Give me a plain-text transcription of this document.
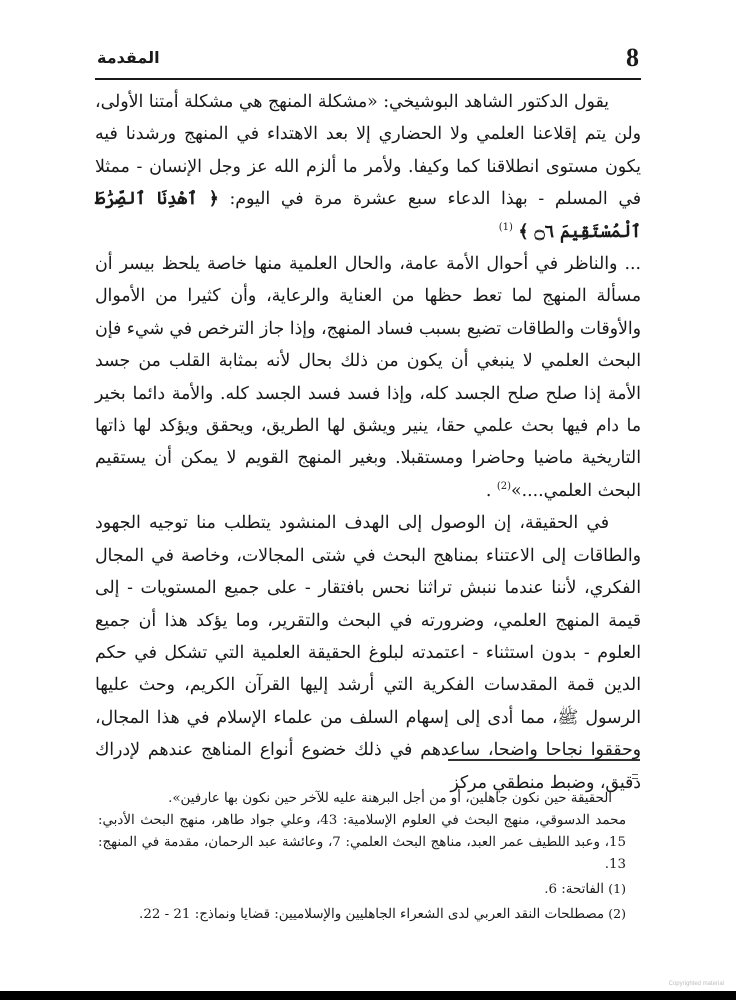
8
المقدمة

يقول الدكتور الشاهد البوشيخي: «مشكلة المنهج هي مشكلة أمتنا الأولى، ولن يتم إقلاعنا العلمي ولا الحضاري إلا بعد الاهتداء في المنهج ورشدنا فيه يكون مستوى انطلاقنا كما وكيفا. ولأمر ما ألزم الله عز وجل الإنسان - ممثلا في المسلم - بهذا الدعاء سبع عشرة مرة في اليوم: ﴿ ٱهْدِنَا ٱلصِّرَٰطَ ٱلْمُسْتَقِيمَ ۝٦ ﴾ $^{(1)}$

... والناظر في أحوال الأمة عامة، والحال العلمية منها خاصة يلحظ بيسر أن مسألة المنهج لما تعط حظها من العناية والرعاية، وأن كثيرا من الأموال والأوقات والطاقات تضيع بسبب فساد المنهج، وإذا جاز الترخص في شيء فإن البحث العلمي لا ينبغي أن يكون من ذلك بحال لأنه بمثابة القلب من جسد الأمة إذا صلح صلح الجسد كله، وإذا فسد فسد الجسد كله. والأمة دائما بخير ما دام فيها بحث علمي حقا، ينير ويشق لها الطريق، ويحقق ويؤكد لها ذاتها التاريخية ماضيا وحاضرا ومستقبلا. وبغير المنهج القويم لا يمكن أن يستقيم البحث العلمي....»$^{(2)}$ .

في الحقيقة، إن الوصول إلى الهدف المنشود يتطلب منا توجيه الجهود والطاقات إلى الاعتناء بمناهج البحث في شتى المجالات، وخاصة في المجال الفكري، لأننا عندما ننبش تراثنا نحس بافتقار - على جميع المستويات - إلى قيمة المنهج العلمي، وضرورته في البحث والتقرير، وما يؤكد هذا أن جميع العلوم - بدون استثناء - اعتمدته لبلوغ الحقيقة العلمية التي تشكل في حكم الدين قمة المقدسات الفكرية التي أرشد إليها القرآن الكريم، وحث عليها الرسول ﷺ، مما أدى إلى إسهام السلف من علماء الإسلام في هذا المجال، وحققوا نجاحا واضحا، ساعدهم في ذلك خضوع أنواع المناهج عندهم لإدراك دقيق، وضبط منطقي مركز

الحقيقة حين نكون جاهلين، أو من أجل البرهنة عليه للآخر حين نكون بها عارفين».

محمد الدسوقي، منهج البحث في العلوم الإسلامية: 43، وعلي جواد طاهر، منهج البحث الأدبي: 15، وعبد اللطيف عمر العبد، مناهج البحث العلمي: 7، وعائشة عبد الرحمان، مقدمة في المنهج: 13.

(1) الفاتحة: 6.

(2) مصطلحات النقد العربي لدى الشعراء الجاهليين والإسلاميين: قضايا ونماذج: 21 - 22.

Copyrighted material
